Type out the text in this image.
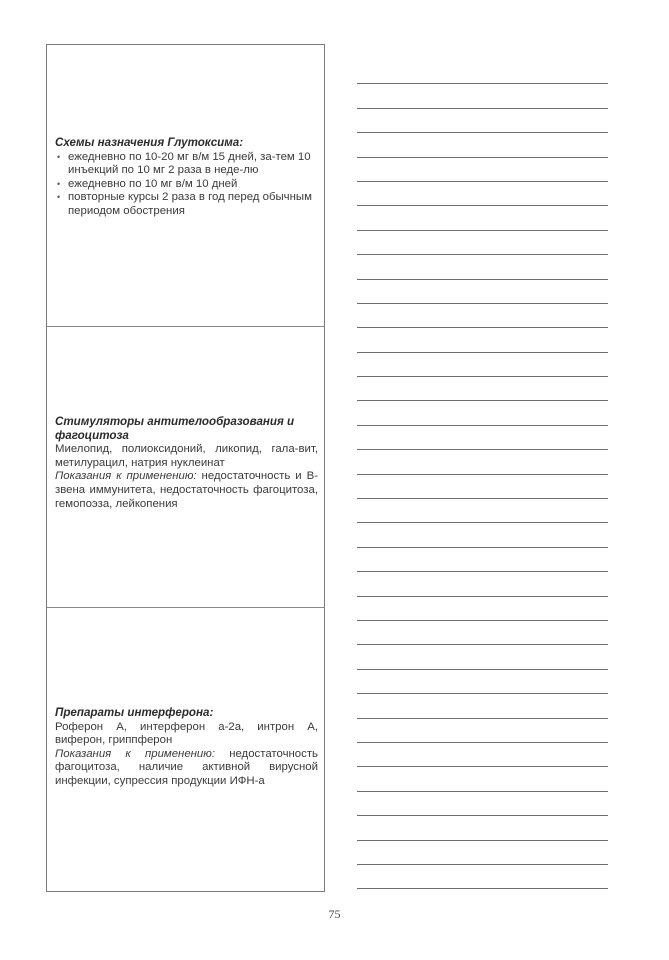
Схемы назначения Глутоксима:
• ежедневно по 10-20 мг в/м 15 дней, за-тем 10 инъекций по 10 мг 2 раза в неде-лю
• ежедневно по 10 мг в/м 10 дней
• повторные курсы 2 раза в год перед обычным периодом обострения
Стимуляторы антителообразования и фагоцитоза
Миелопид, полиоксидоний, ликопид, гала-вит, метилурацил, натрия нуклеинат
Показания к применению: недостаточность и В-звена иммунитета, недостаточность фагоцитоза, гемопоэза, лейкопения
Препараты интерферона:
Роферон А, интерферон а-2а, интрон А, виферон, гриппферон
Показания к применению: недостаточность фагоцитоза, наличие активной вирусной инфекции, супрессия продукции ИФН-а
75
